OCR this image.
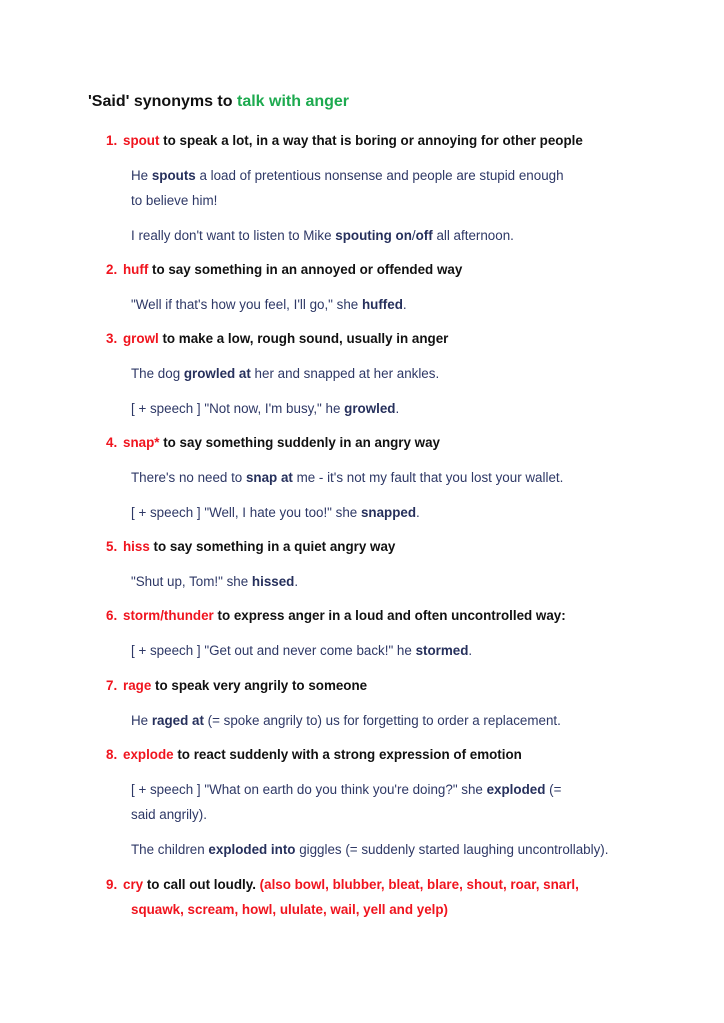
'Said' synonyms to talk with anger
1. spout to speak a lot, in a way that is boring or annoying for other people
He spouts a load of pretentious nonsense and people are stupid enough
to believe him!
I really don't want to listen to Mike spouting on/off all afternoon.
2. huff to say something in an annoyed or offended way
"Well if that's how you feel, I'll go," she huffed.
3. growl to make a low, rough sound, usually in anger
The dog growled at her and snapped at her ankles.
[ + speech ] "Not now, I'm busy," he growled.
4. snap* to say something suddenly in an angry way
There's no need to snap at me - it's not my fault that you lost your wallet.
[ + speech ] "Well, I hate you too!" she snapped.
5. hiss to say something in a quiet angry way
"Shut up, Tom!" she hissed.
6. storm/thunder to express anger in a loud and often uncontrolled way:
[ + speech ] "Get out and never come back!" he stormed.
7. rage to speak very angrily to someone
He raged at (= spoke angrily to) us for forgetting to order a replacement.
8. explode to react suddenly with a strong expression of emotion
[ + speech ] "What on earth do you think you're doing?" she exploded (=
said angrily).
The children exploded into giggles (= suddenly started laughing uncontrollably).
9. cry to call out loudly. (also bowl, blubber, bleat, blare, shout, roar, snarl,
squawk, scream, howl, ululate, wail, yell and yelp)
